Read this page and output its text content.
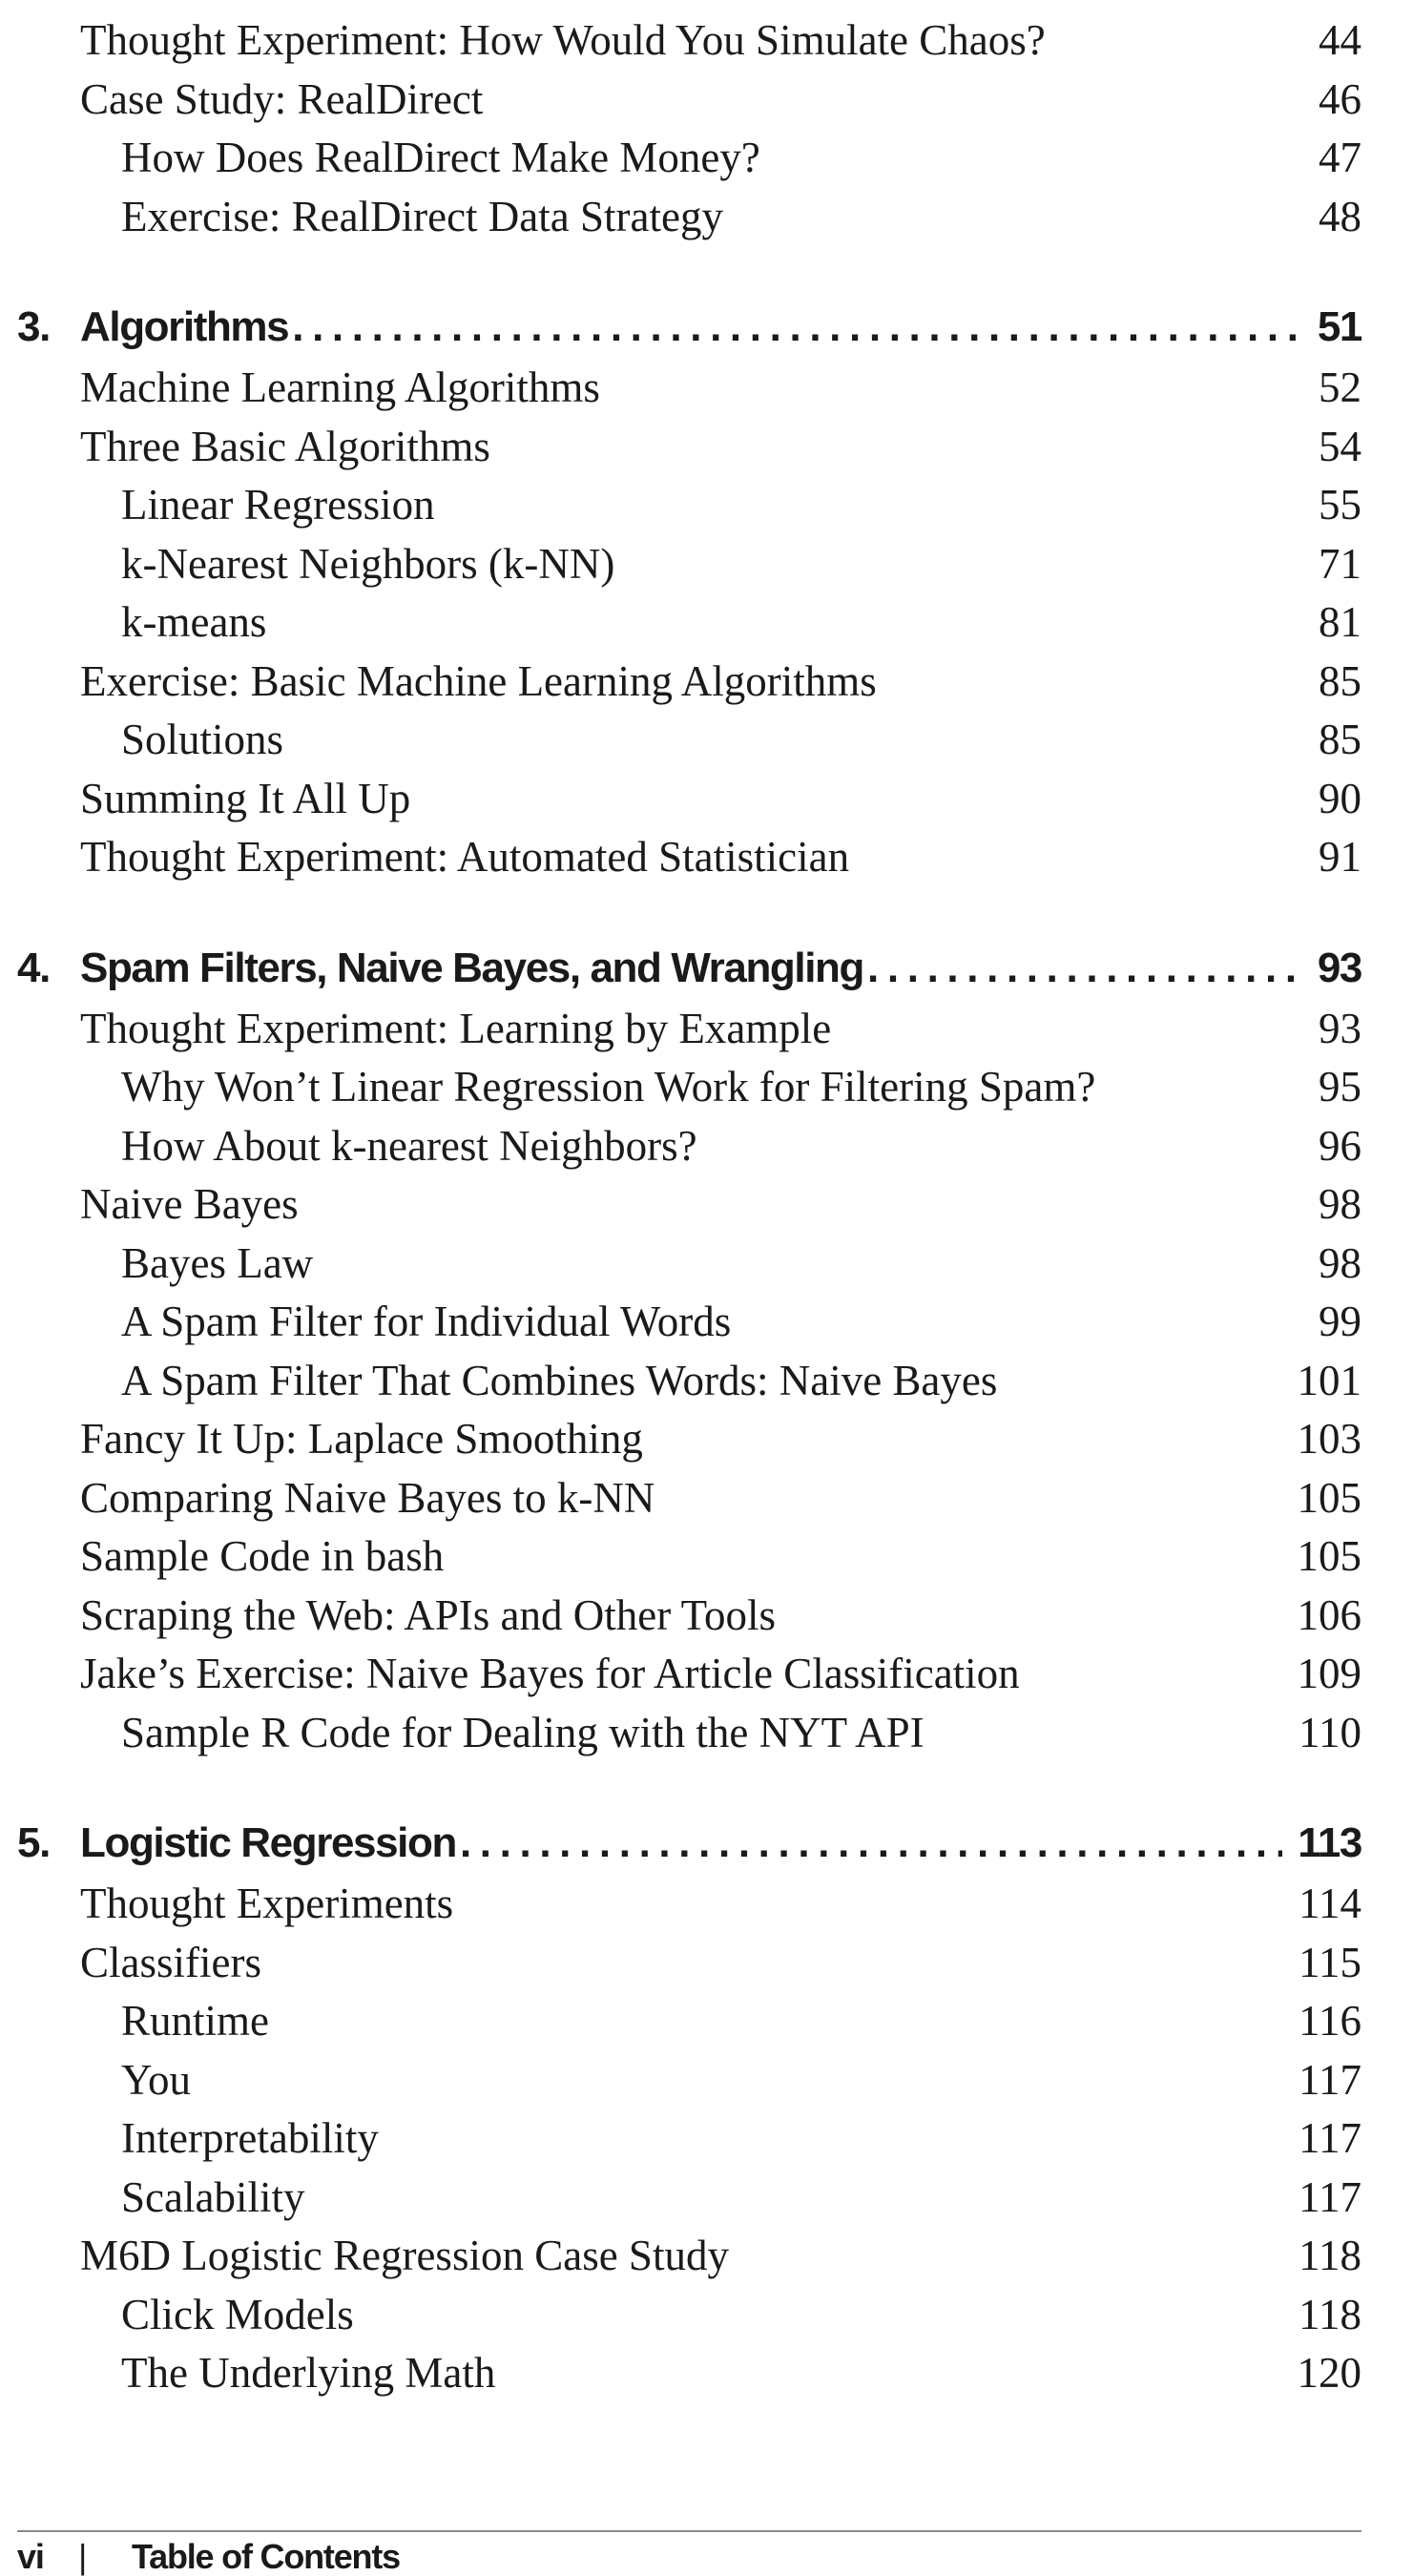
Thought Experiment: How Would You Simulate Chaos?	44
Case Study: RealDirect	46
How Does RealDirect Make Money?	47
Exercise: RealDirect Data Strategy	48
3. Algorithms . . .	51
Machine Learning Algorithms	52
Three Basic Algorithms	54
Linear Regression	55
k-Nearest Neighbors (k-NN)	71
k-means	81
Exercise: Basic Machine Learning Algorithms	85
Solutions	85
Summing It All Up	90
Thought Experiment: Automated Statistician	91
4. Spam Filters, Naive Bayes, and Wrangling . . .	93
Thought Experiment: Learning by Example	93
Why Won’t Linear Regression Work for Filtering Spam?	95
How About k-nearest Neighbors?	96
Naive Bayes	98
Bayes Law	98
A Spam Filter for Individual Words	99
A Spam Filter That Combines Words: Naive Bayes	101
Fancy It Up: Laplace Smoothing	103
Comparing Naive Bayes to k-NN	105
Sample Code in bash	105
Scraping the Web: APIs and Other Tools	106
Jake’s Exercise: Naive Bayes for Article Classification	109
Sample R Code for Dealing with the NYT API	110
5. Logistic Regression . . .	113
Thought Experiments	114
Classifiers	115
Runtime	116
You	117
Interpretability	117
Scalability	117
M6D Logistic Regression Case Study	118
Click Models	118
The Underlying Math	120
vi | Table of Contents
